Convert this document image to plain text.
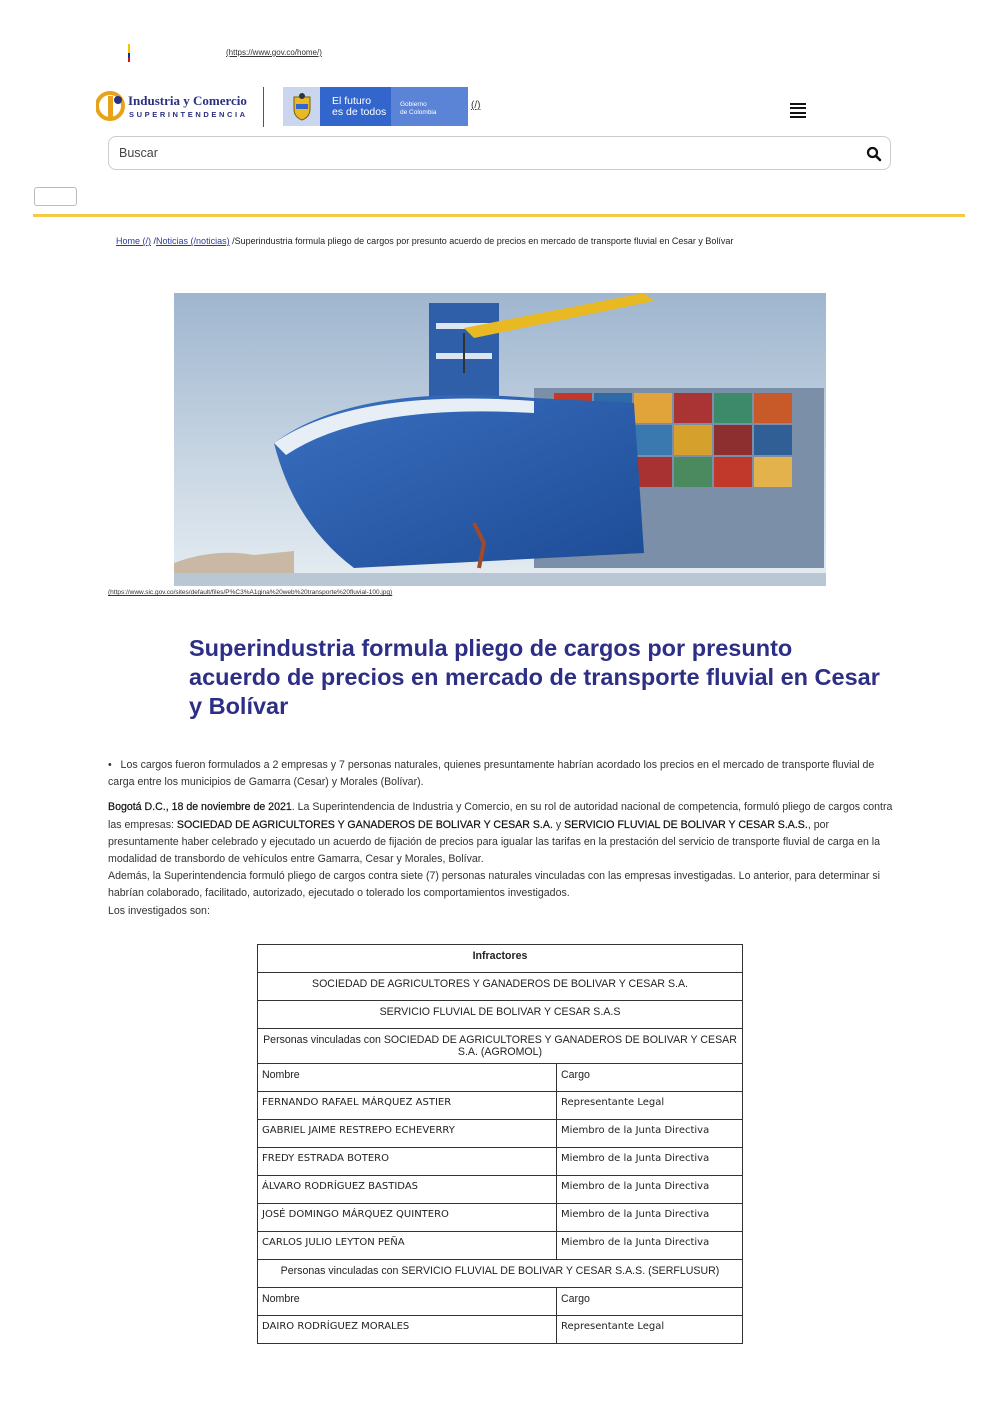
(https://www.gov.co/home/)
Industria y Comercio
SUPERINTENDENCIA
El futuro
es de todos
Gobierno
de Colombia
(/)
Buscar
Home (/) /Noticias (/noticias) /Superindustria formula pliego de cargos por presunto acuerdo de precios en mercado de transporte fluvial en Cesar y Bolívar
(https://www.sic.gov.co/sites/default/files/P%C3%A1gina%20web%20transporte%20fluvial-100.jpg)
Superindustria formula pliego de cargos por presunto acuerdo de precios en mercado de transporte fluvial en Cesar y Bolívar

•   Los cargos fueron formulados a 2 empresas y 7 personas naturales, quienes presuntamente habrían acordado los precios en el mercado de transporte fluvial de carga entre los municipios de Gamarra (Cesar) y Morales (Bolívar).

Bogotá D.C., 18 de noviembre de 2021. La Superintendencia de Industria y Comercio, en su rol de autoridad nacional de competencia, formuló pliego de cargos contra las empresas: SOCIEDAD DE AGRICULTORES Y GANADEROS DE BOLIVAR Y CESAR S.A. y SERVICIO FLUVIAL DE BOLIVAR Y CESAR S.A.S., por presuntamente haber celebrado y ejecutado un acuerdo de fijación de precios para igualar las tarifas en la prestación del servicio de transporte fluvial de carga en la modalidad de transbordo de vehículos entre Gamarra, Cesar y Morales, Bolívar.

Además, la Superintendencia formuló pliego de cargos contra siete (7) personas naturales vinculadas con las empresas investigadas. Lo anterior, para determinar si habrían colaborado, facilitado, autorizado, ejecutado o tolerado los comportamientos investigados.

Los investigados son:

Infractores	
SOCIEDAD DE AGRICULTORES Y GANADEROS DE BOLIVAR Y CESAR S.A.	
SERVICIO FLUVIAL DE BOLIVAR Y CESAR S.A.S	
Personas vinculadas con SOCIEDAD DE AGRICULTORES Y GANADEROS DE BOLIVAR Y CESAR S.A. (AGROMOL)	
Nombre	Cargo
FERNANDO RAFAEL MÁRQUEZ ASTIER	Representante Legal
GABRIEL JAIME RESTREPO ECHEVERRY	Miembro de la Junta Directiva
FREDY ESTRADA BOTERO	Miembro de la Junta Directiva
ÁLVARO RODRÍGUEZ BASTIDAS	Miembro de la Junta Directiva
JOSÉ DOMINGO MÁRQUEZ QUINTERO	Miembro de la Junta Directiva
CARLOS JULIO LEYTON PEÑA	Miembro de la Junta Directiva
Personas vinculadas con SERVICIO FLUVIAL DE BOLIVAR Y CESAR S.A.S. (SERFLUSUR)	
Nombre	Cargo
DAIRO RODRÍGUEZ MORALES	Representante Legal
